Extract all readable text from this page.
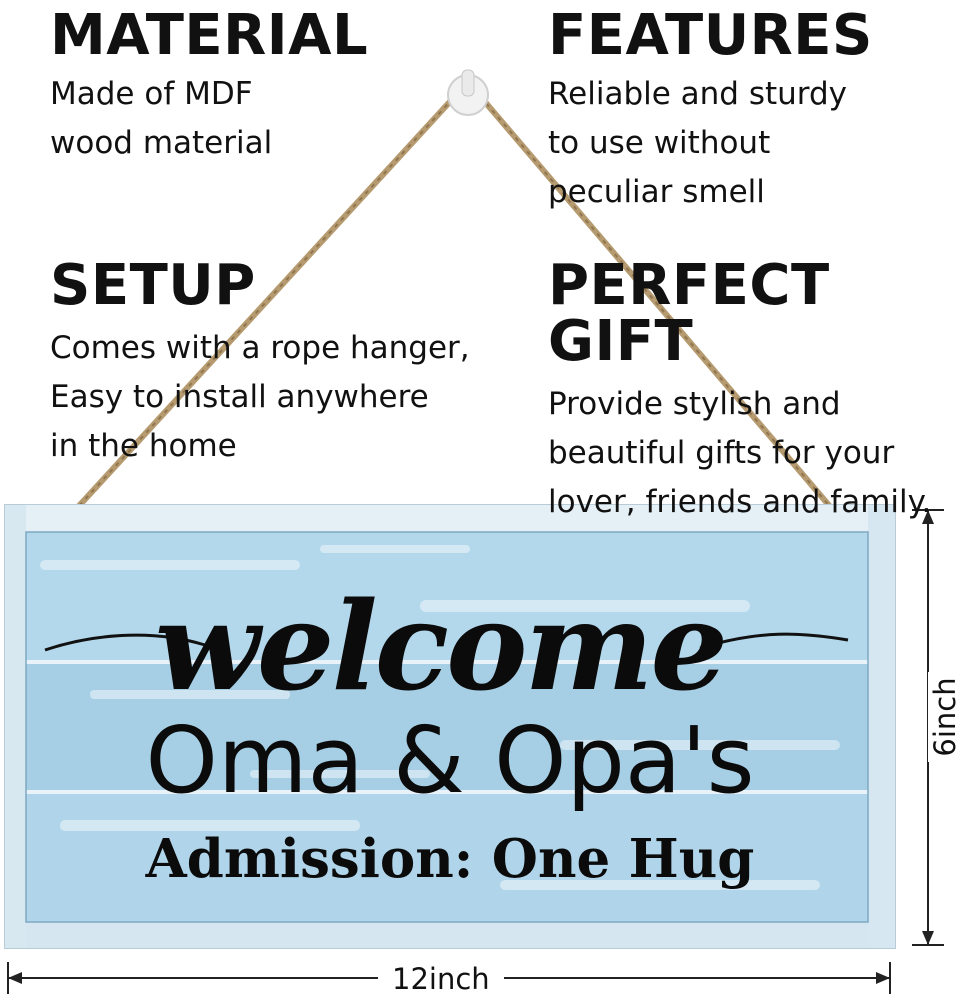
MATERIAL
Made of MDF
wood material
FEATURES
Reliable and sturdy
to use without
peculiar smell
SETUP
Comes with a rope hanger,
Easy to install anywhere
in the home
PERFECT GIFT
Provide stylish and
beautiful gifts for your
lover, friends and family.
welcome
Oma & Opa's
Admission: One Hug
12inch
6inch
